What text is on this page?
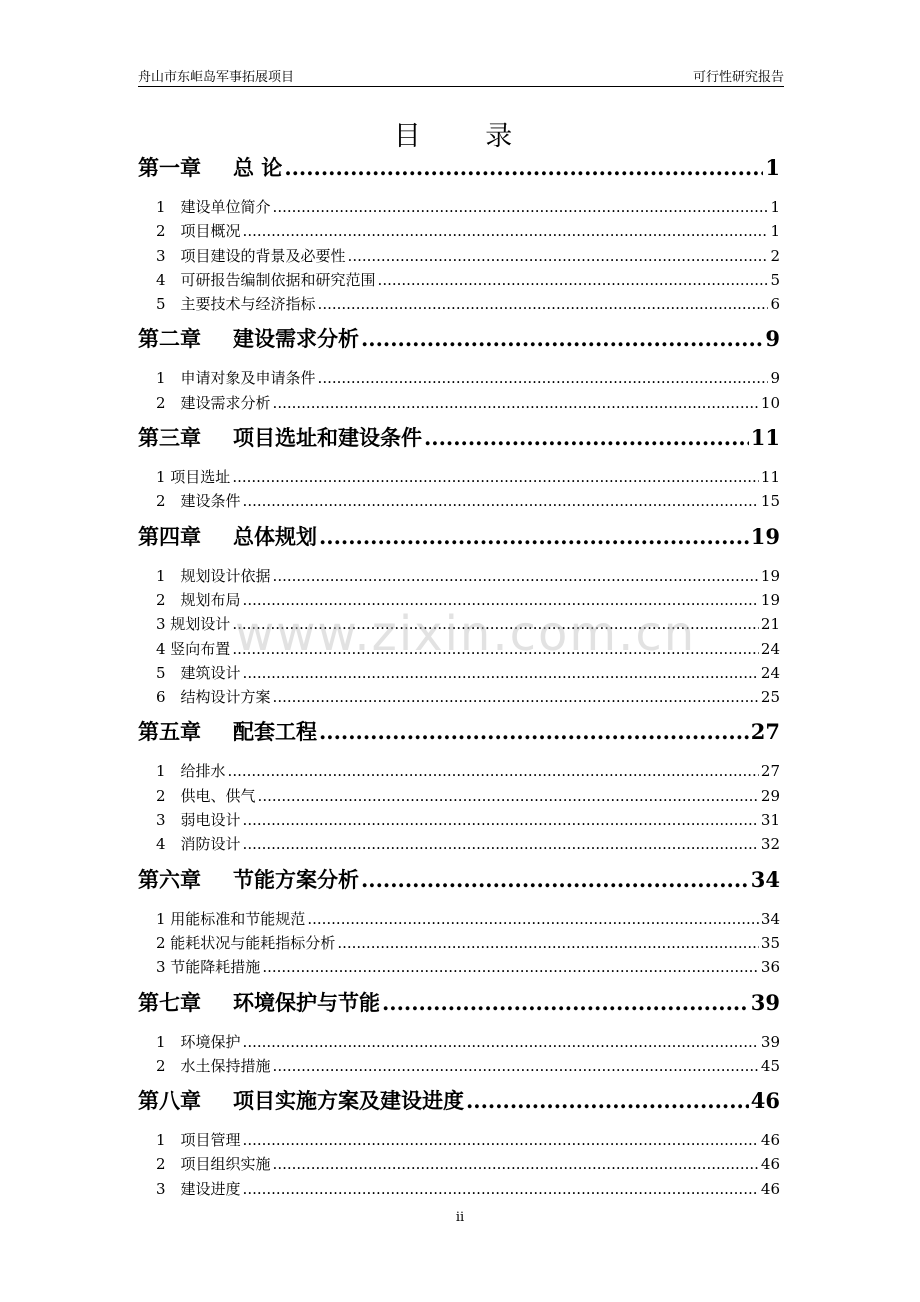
舟山市东岠岛军事拓展项目	可行性研究报告
目 录
第一章	总 论 .....	1
1　建设单位简介 .....	1
2　项目概况 .....	1
3　项目建设的背景及必要性 .....	2
4　可研报告编制依据和研究范围 .....	5
5　主要技术与经济指标 .....	6
第二章	建设需求分析 .....	9
1　申请对象及申请条件 .....	9
2　建设需求分析 .....	10
第三章	项目选址和建设条件 .....	11
1 项目选址 .....	11
2　建设条件 .....	15
第四章	总体规划 .....	19
1　规划设计依据 .....	19
2　规划布局 .....	19
3 规划设计 .....	21
4 竖向布置 .....	24
5　建筑设计 .....	24
6　结构设计方案 .....	25
第五章	配套工程 .....	27
1　给排水 .....	27
2　供电、供气 .....	29
3　弱电设计 .....	31
4　消防设计 .....	32
第六章	节能方案分析 .....	34
1 用能标准和节能规范 .....	34
2 能耗状况与能耗指标分析 .....	35
3 节能降耗措施 .....	36
第七章	环境保护与节能 .....	39
1　环境保护 .....	39
2　水土保持措施 .....	45
第八章	项目实施方案及建设进度 .....	46
1　项目管理 .....	46
2　项目组织实施 .....	46
3　建设进度 .....	46
www.zixin.com.cn
ii
